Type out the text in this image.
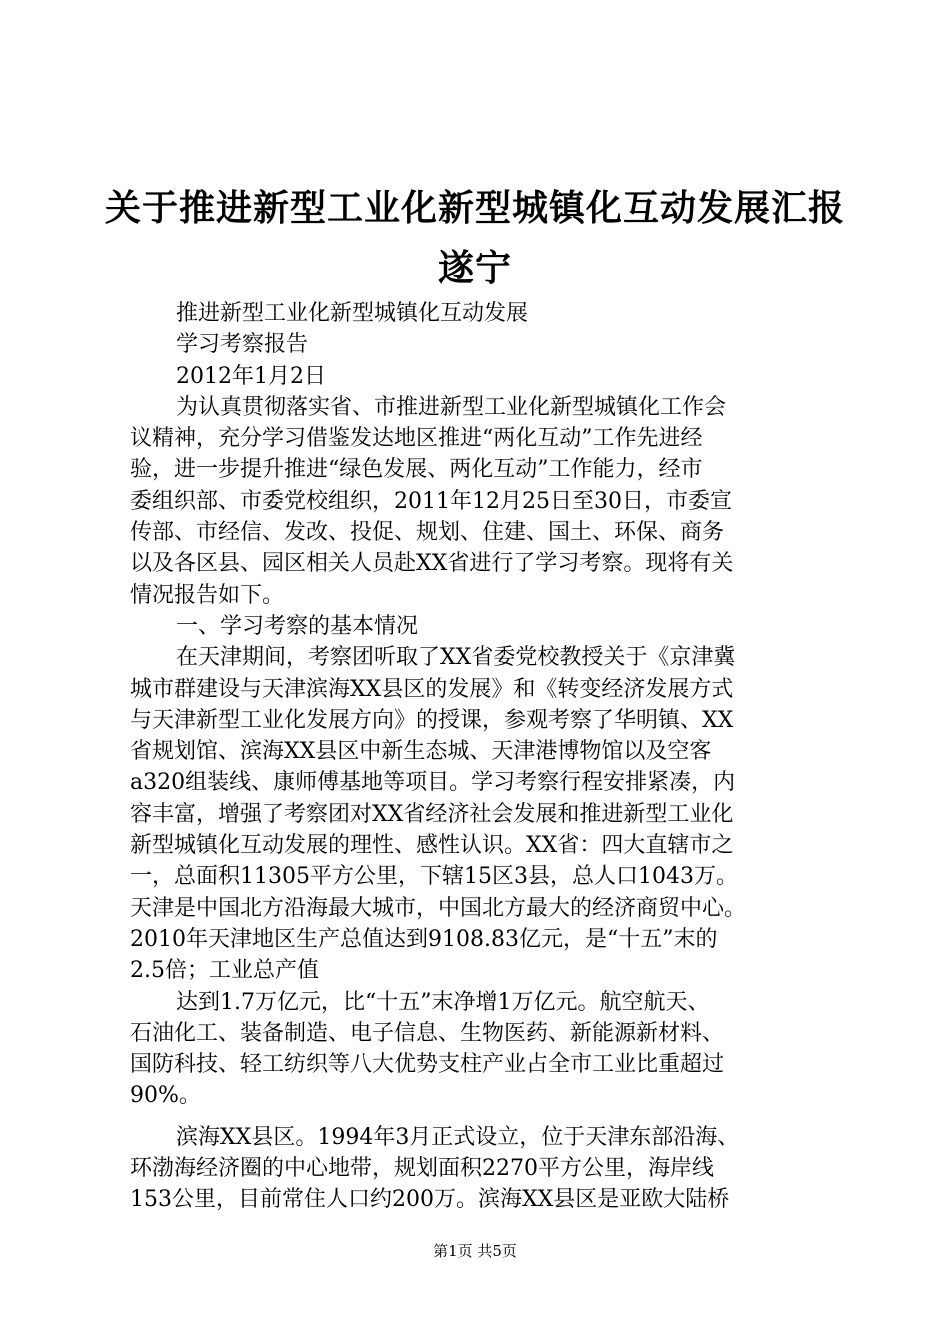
关于推进新型工业化新型城镇化互动发展汇报
遂宁
推进新型工业化新型城镇化互动发展
学习考察报告
2012年1月2日
为认真贯彻落实省、市推进新型工业化新型城镇化工作会
议精神，充分学习借鉴发达地区推进“两化互动”工作先进经
验，进一步提升推进“绿色发展、两化互动”工作能力，经市
委组织部、市委党校组织，2011年12月25日至30日，市委宣
传部、市经信、发改、投促、规划、住建、国土、环保、商务
以及各区县、园区相关人员赴XX省进行了学习考察。现将有关
情况报告如下。
一、学习考察的基本情况
在天津期间，考察团听取了XX省委党校教授关于《京津冀
城市群建设与天津滨海XX县区的发展》和《转变经济发展方式
与天津新型工业化发展方向》的授课，参观考察了华明镇、XX
省规划馆、滨海XX县区中新生态城、天津港博物馆以及空客
a320组装线、康师傅基地等项目。学习考察行程安排紧凑，内
容丰富，增强了考察团对XX省经济社会发展和推进新型工业化
新型城镇化互动发展的理性、感性认识。XX省：四大直辖市之
一，总面积11305平方公里，下辖15区3县，总人口1043万。
天津是中国北方沿海最大城市，中国北方最大的经济商贸中心。
2010年天津地区生产总值达到9108.83亿元，是“十五”末的
2.5倍；工业总产值
达到1.7万亿元，比“十五”末净增1万亿元。航空航天、
石油化工、装备制造、电子信息、生物医药、新能源新材料、
国防科技、轻工纺织等八大优势支柱产业占全市工业比重超过
90%。
滨海XX县区。1994年3月正式设立，位于天津东部沿海、
环渤海经济圈的中心地带，规划面积2270平方公里，海岸线
153公里，目前常住人口约200万。滨海XX县区是亚欧大陆桥
第1页 共5页
